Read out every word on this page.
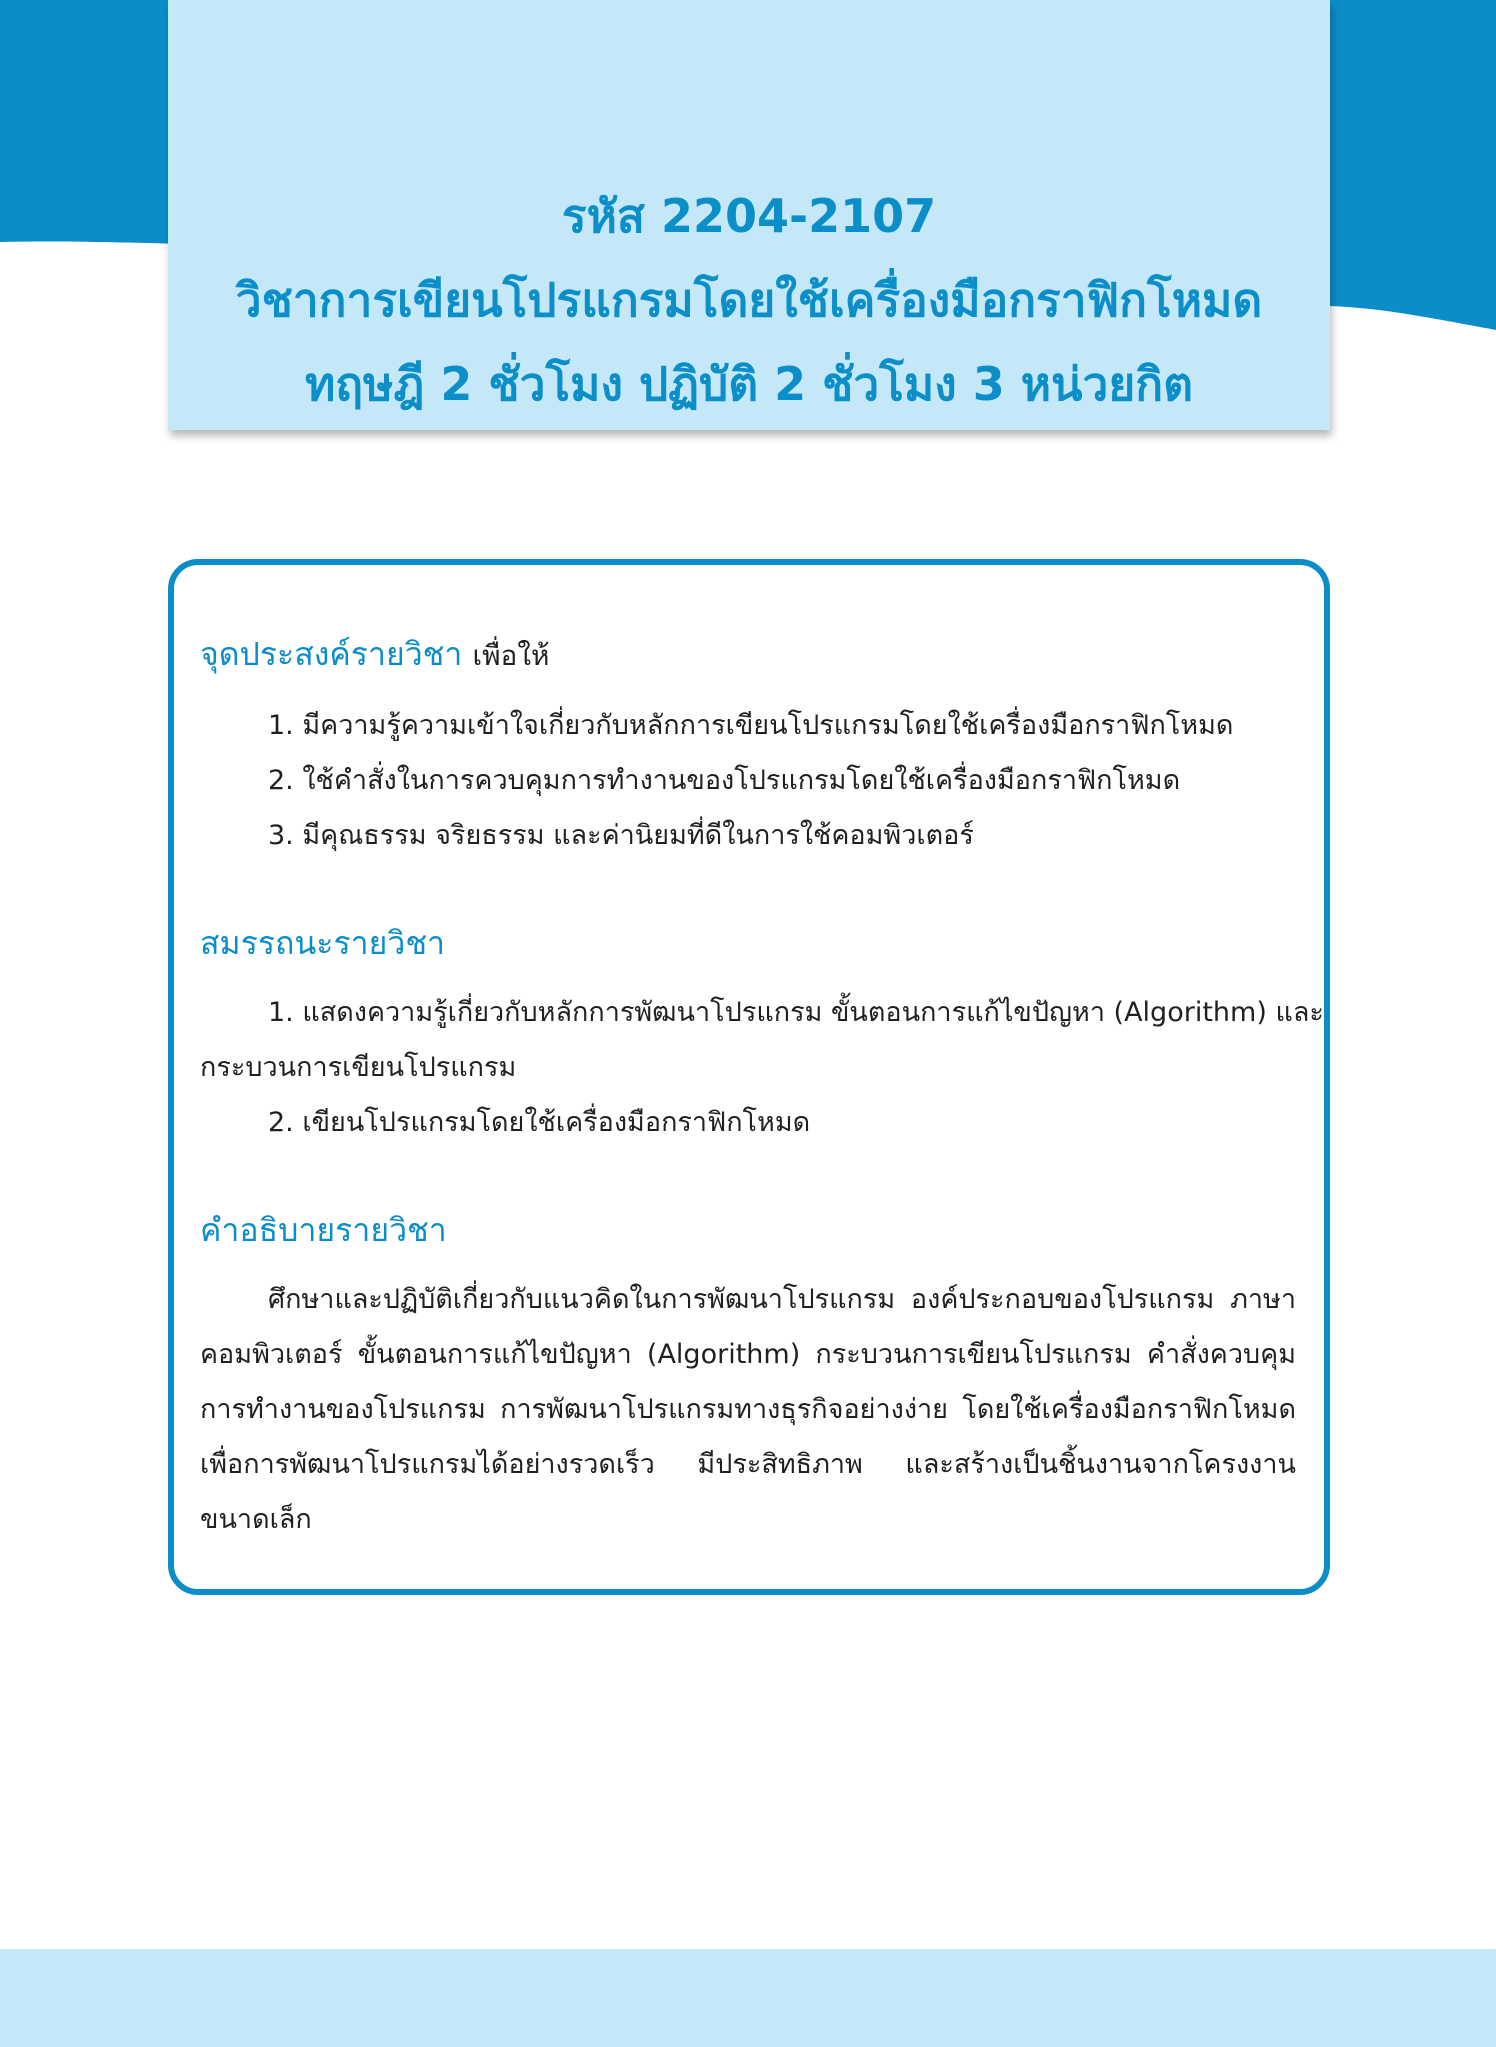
รหัส 2204-2107
วิชาการเขียนโปรแกรมโดยใช้เครื่องมือกราฟิกโหมด
ทฤษฎี 2 ชั่วโมง ปฏิบัติ 2 ชั่วโมง 3 หน่วยกิต
จุดประสงค์รายวิชา เพื่อให้
1. มีความรู้ความเข้าใจเกี่ยวกับหลักการเขียนโปรแกรมโดยใช้เครื่องมือกราฟิกโหมด
2. ใช้คำสั่งในการควบคุมการทำงานของโปรแกรมโดยใช้เครื่องมือกราฟิกโหมด
3. มีคุณธรรม จริยธรรม และค่านิยมที่ดีในการใช้คอมพิวเตอร์
สมรรถนะรายวิชา
1. แสดงความรู้เกี่ยวกับหลักการพัฒนาโปรแกรม ขั้นตอนการแก้ไขปัญหา (Algorithm) และ
กระบวนการเขียนโปรแกรม
2. เขียนโปรแกรมโดยใช้เครื่องมือกราฟิกโหมด
คำอธิบายรายวิชา
ศึกษาและปฏิบัติเกี่ยวกับแนวคิดในการพัฒนาโปรแกรม องค์ประกอบของโปรแกรม ภาษาคอมพิวเตอร์ ขั้นตอนการแก้ไขปัญหา (Algorithm) กระบวนการเขียนโปรแกรม คำสั่งควบคุมการทำงานของโปรแกรม การพัฒนาโปรแกรมทางธุรกิจอย่างง่าย โดยใช้เครื่องมือกราฟิกโหมดเพื่อการพัฒนาโปรแกรมได้อย่างรวดเร็ว มีประสิทธิภาพ และสร้างเป็นชิ้นงานจากโครงงานขนาดเล็ก
